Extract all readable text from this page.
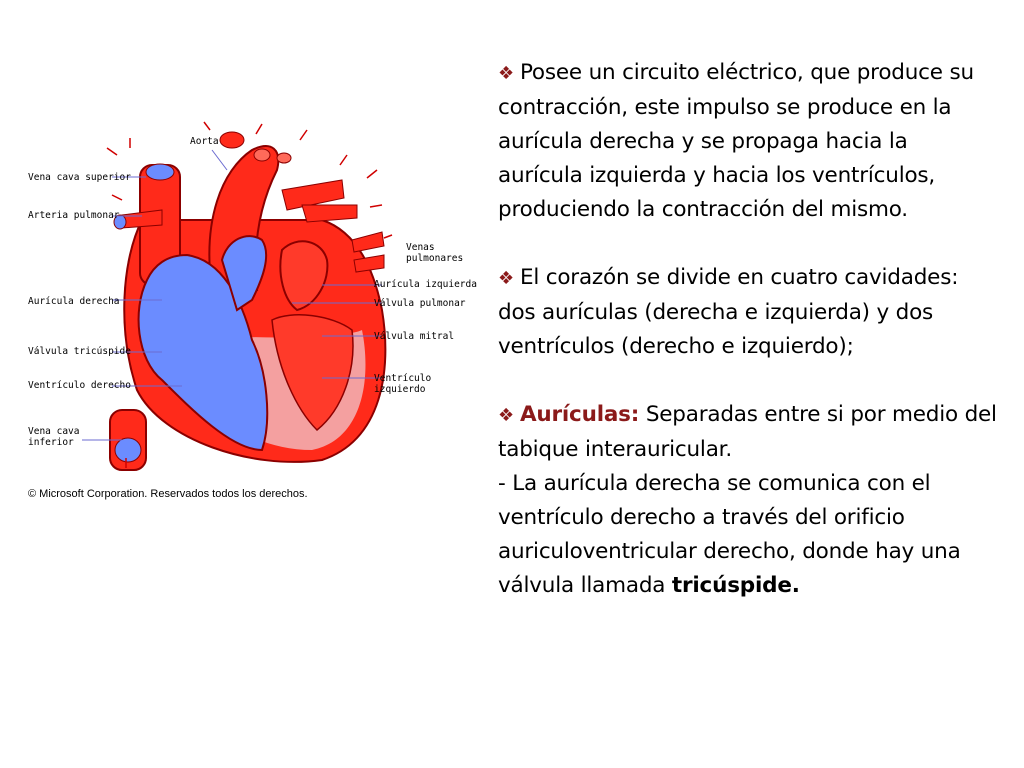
Aorta
Vena cava superior
Arteria pulmonar
Aurícula derecha
Válvula tricúspide
Ventrículo derecho
Vena cava
inferior
Venas
pulmonares
Aurícula izquierda
Válvula pulmonar
Válvula mitral
Ventrículo
izquierdo
© Microsoft Corporation. Reservados todos los derechos.

❖ Posee un circuito eléctrico, que produce su contracción, este impulso se produce en la aurícula derecha y se propaga hacia la aurícula izquierda y hacia los ventrículos, produciendo la contracción del mismo.

❖ El corazón se divide en cuatro cavidades: dos aurículas (derecha e izquierda) y dos ventrículos (derecho e izquierdo);

❖ Aurículas: Separadas entre si por medio del tabique interauricular.

- La aurícula derecha se comunica con el ventrículo derecho a través del orificio auriculoventricular derecho, donde hay una válvula llamada tricúspide.
